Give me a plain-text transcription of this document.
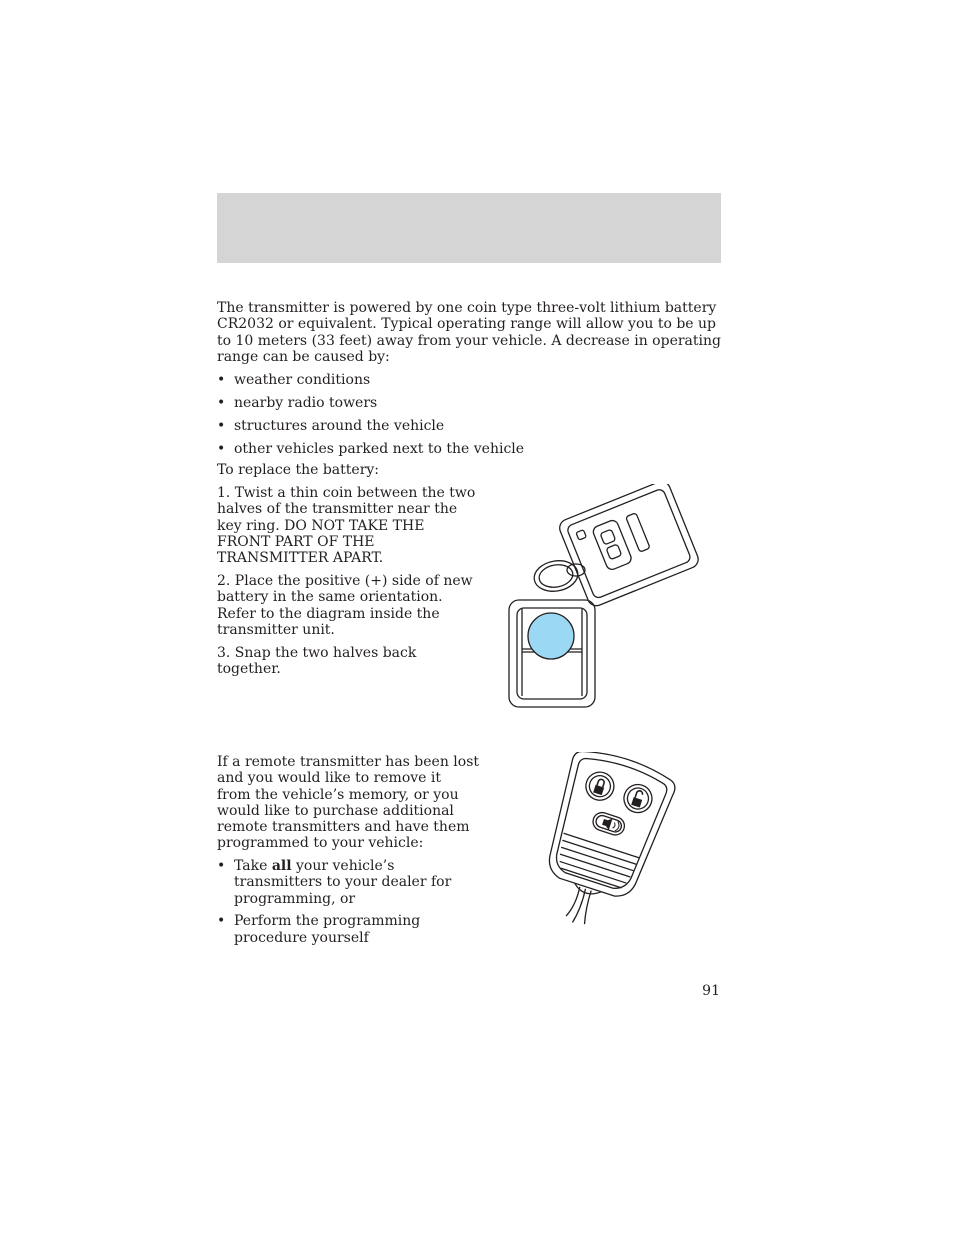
The transmitter is powered by one coin type three-volt lithium battery CR2032 or equivalent. Typical operating range will allow you to be up to 10 meters (33 feet) away from your vehicle. A decrease in operating range can be caused by:

• weather conditions
• nearby radio towers
• structures around the vehicle
• other vehicles parked next to the vehicle

To replace the battery:

1. Twist a thin coin between the two halves of the transmitter near the key ring. DO NOT TAKE THE FRONT PART OF THE TRANSMITTER APART.

2. Place the positive (+) side of new battery in the same orientation. Refer to the diagram inside the transmitter unit.

3. Snap the two halves back together.

If a remote transmitter has been lost and you would like to remove it from the vehicle’s memory, or you would like to purchase additional remote transmitters and have them programmed to your vehicle:

• Take all your vehicle’s transmitters to your dealer for programming, or
• Perform the programming procedure yourself
91
